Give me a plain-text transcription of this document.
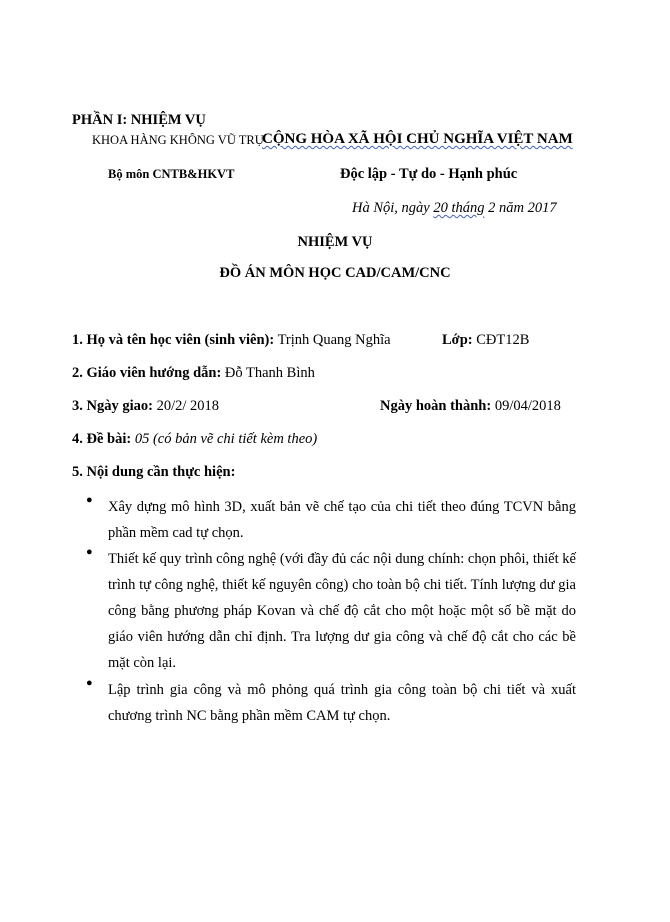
PHẦN I: NHIỆM VỤ
KHOA HÀNG KHÔNG VŨ TRỤ
CỘNG HÒA XÃ HỘI CHỦ NGHĨA VIỆT NAM
Bộ môn CNTB&HKVT	Độc lập - Tự do - Hạnh phúc
Hà Nội, ngày 20 tháng 2 năm 2017
NHIỆM VỤ
ĐỒ ÁN MÔN HỌC CAD/CAM/CNC
1. Họ và tên học viên (sinh viên): Trịnh Quang Nghĩa	Lớp: CĐT12B
2. Giáo viên hướng dẫn: Đỗ Thanh Bình
3. Ngày giao: 20/2/ 2018	Ngày hoàn thành: 09/04/2018
4. Đề bài: 05 (có bản vẽ chi tiết kèm theo)
5. Nội dung cần thực hiện:
● Xây dựng mô hình 3D, xuất bản vẽ chế tạo của chi tiết theo đúng TCVN bằng phần mềm cad tự chọn.
● Thiết kế quy trình công nghệ (với đầy đủ các nội dung chính: chọn phôi, thiết kế trình tự công nghệ, thiết kế nguyên công) cho toàn bộ chi tiết. Tính lượng dư gia công bằng phương pháp Kovan và chế độ cắt cho một hoặc một số bề mặt do giáo viên hướng dẫn chỉ định. Tra lượng dư gia công và chế độ cắt cho các bề mặt còn lại.
● Lập trình gia công và mô phỏng quá trình gia công toàn bộ chi tiết và xuất chương trình NC bằng phần mềm CAM tự chọn.
